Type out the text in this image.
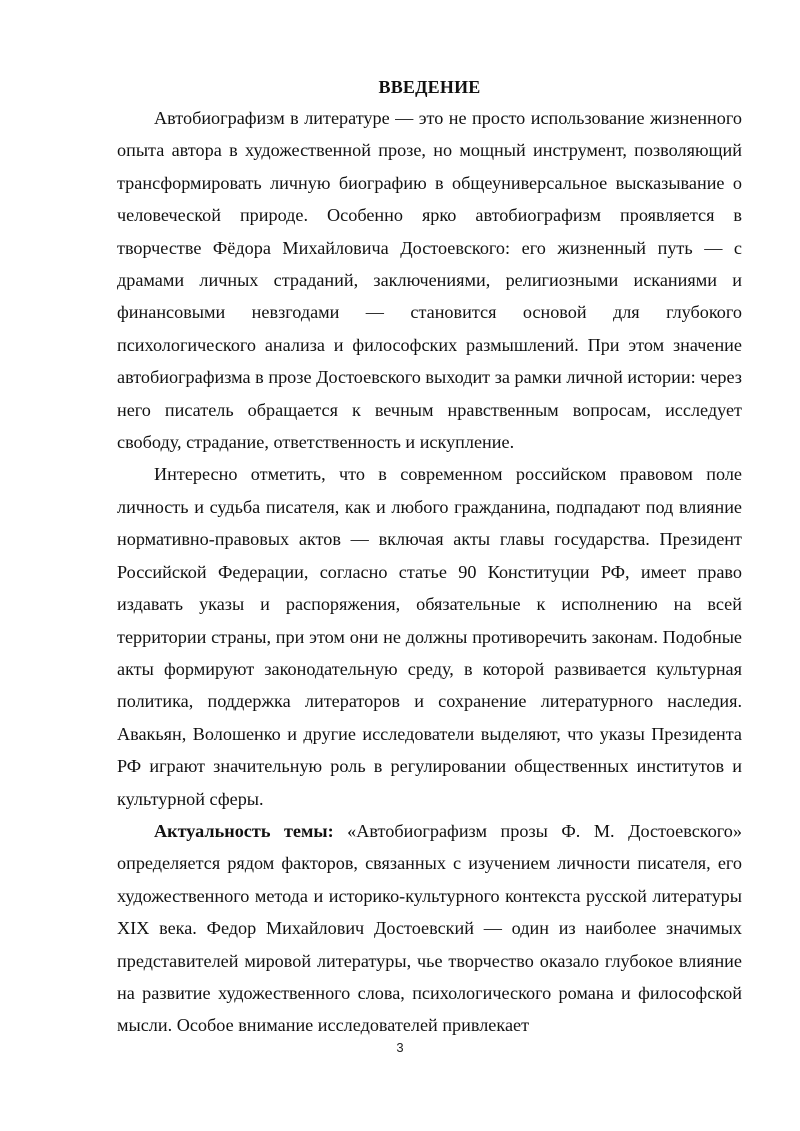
ВВЕДЕНИЕ

Автобиографизм в литературе — это не просто использование жизненного опыта автора в художественной прозе, но мощный инструмент, позволяющий трансформировать личную биографию в общеуниверсальное высказывание о человеческой природе. Особенно ярко автобиографизм проявляется в творчестве Фёдора Михайловича Достоевского: его жизненный путь — с драмами личных страданий, заключениями, религиозными исканиями и финансовыми невзгодами — становится основой для глубокого психологического анализа и философских размышлений. При этом значение автобиографизма в прозе Достоевского выходит за рамки личной истории: через него писатель обращается к вечным нравственным вопросам, исследует свободу, страдание, ответственность и искупление.

Интересно отметить, что в современном российском правовом поле личность и судьба писателя, как и любого гражданина, подпадают под влияние нормативно-правовых актов — включая акты главы государства. Президент Российской Федерации, согласно статье 90 Конституции РФ, имеет право издавать указы и распоряжения, обязательные к исполнению на всей территории страны, при этом они не должны противоречить законам. Подобные акты формируют законодательную среду, в которой развивается культурная политика, поддержка литераторов и сохранение литературного наследия. Авакьян, Волошенко и другие исследователи выделяют, что указы Президента РФ играют значительную роль в регулировании общественных институтов и культурной сферы.

Актуальность темы: «Автобиографизм прозы Ф. М. Достоевского» определяется рядом факторов, связанных с изучением личности писателя, его художественного метода и историко-культурного контекста русской литературы XIX века. Федор Михайлович Достоевский — один из наиболее значимых представителей мировой литературы, чье творчество оказало глубокое влияние на развитие художественного слова, психологического романа и философской мысли. Особое внимание исследователей привлекает

3
